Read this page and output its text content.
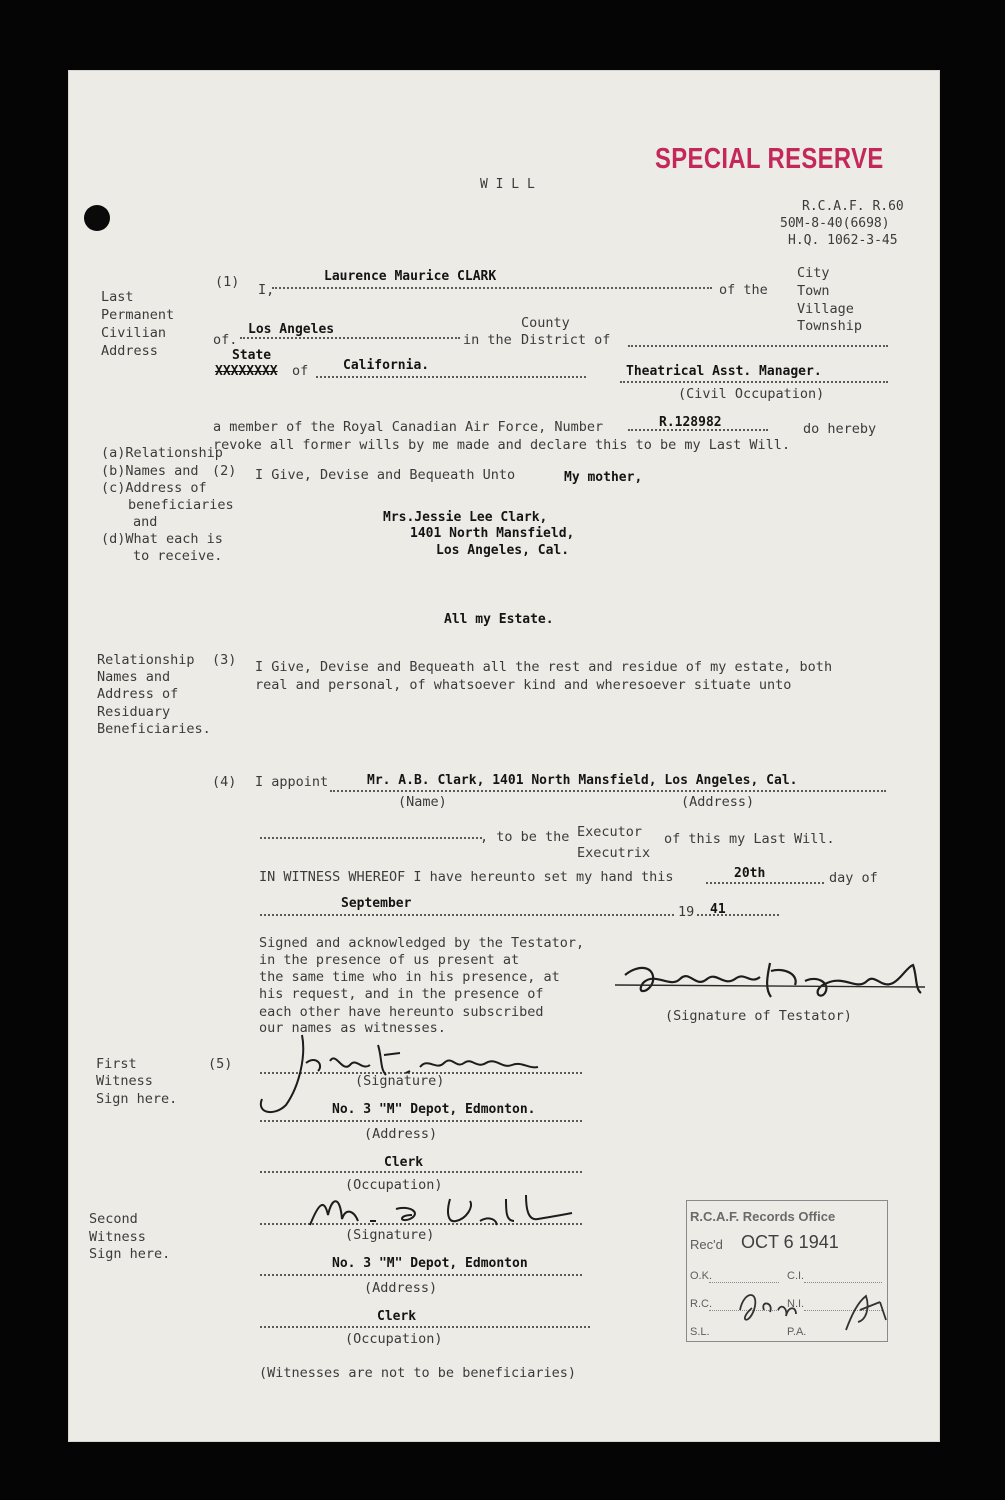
SPECIAL RESERVE
W I L L
R.C.A.F. R.60
50M-8-40(6698)
H.Q. 1062-3-45
Last
Permanent
Civilian
Address
(1) I,
Laurence Maurice CLARK
of the
City
Town
Village
Township
of.
Los Angeles
in the
County
District of
State
XXXXXXXX of	California.	Theatrical Asst. Manager.
(Civil Occupation)
a member of the Royal Canadian Air Force, Number	R.128982	do hereby
revoke all former wills by me made and declare this to be my Last Will.
(a)Relationship
(b)Names and (2)
(c)Address of
beneficiaries
and
(d)What each is
to receive.
I Give, Devise and Bequeath Unto	My mother,
Mrs.Jessie Lee Clark,
1401 North Mansfield,
Los Angeles, Cal.
All my Estate.
Relationship (3)
Names and
Address of
Residuary
Beneficiaries.
I Give, Devise and Bequeath all the rest and residue of my estate, both
real and personal, of whatsoever kind and wheresoever situate unto
(4) I appoint	Mr. A.B. Clark, 1401 North Mansfield, Los Angeles, Cal.
(Name)	(Address)
, to be the Executor
Executrix
of this my Last Will.
IN WITNESS WHEREOF I have hereunto set my hand this	20th	day of
September
19 41
Signed and acknowledged by the Testator,
in the presence of us present at
the same time who in his presence, at
his request, and in the presence of
each other have hereunto subscribed
our names as witnesses.
(Signature of Testator)
First
Witness
Sign here.
(5)
(Signature)
No. 3 "M" Depot, Edmonton.
(Address)
Clerk
(Occupation)
Second
Witness
Sign here.
(Signature)
No. 3 "M" Depot, Edmonton
(Address)
Clerk
(Occupation)
(Witnesses are not to be beneficiaries)
R.C.A.F. Records Office
Rec'd OCT 6 1941
O.K.	C.I.
R.C.	N.I.
S.L.	P.A.
